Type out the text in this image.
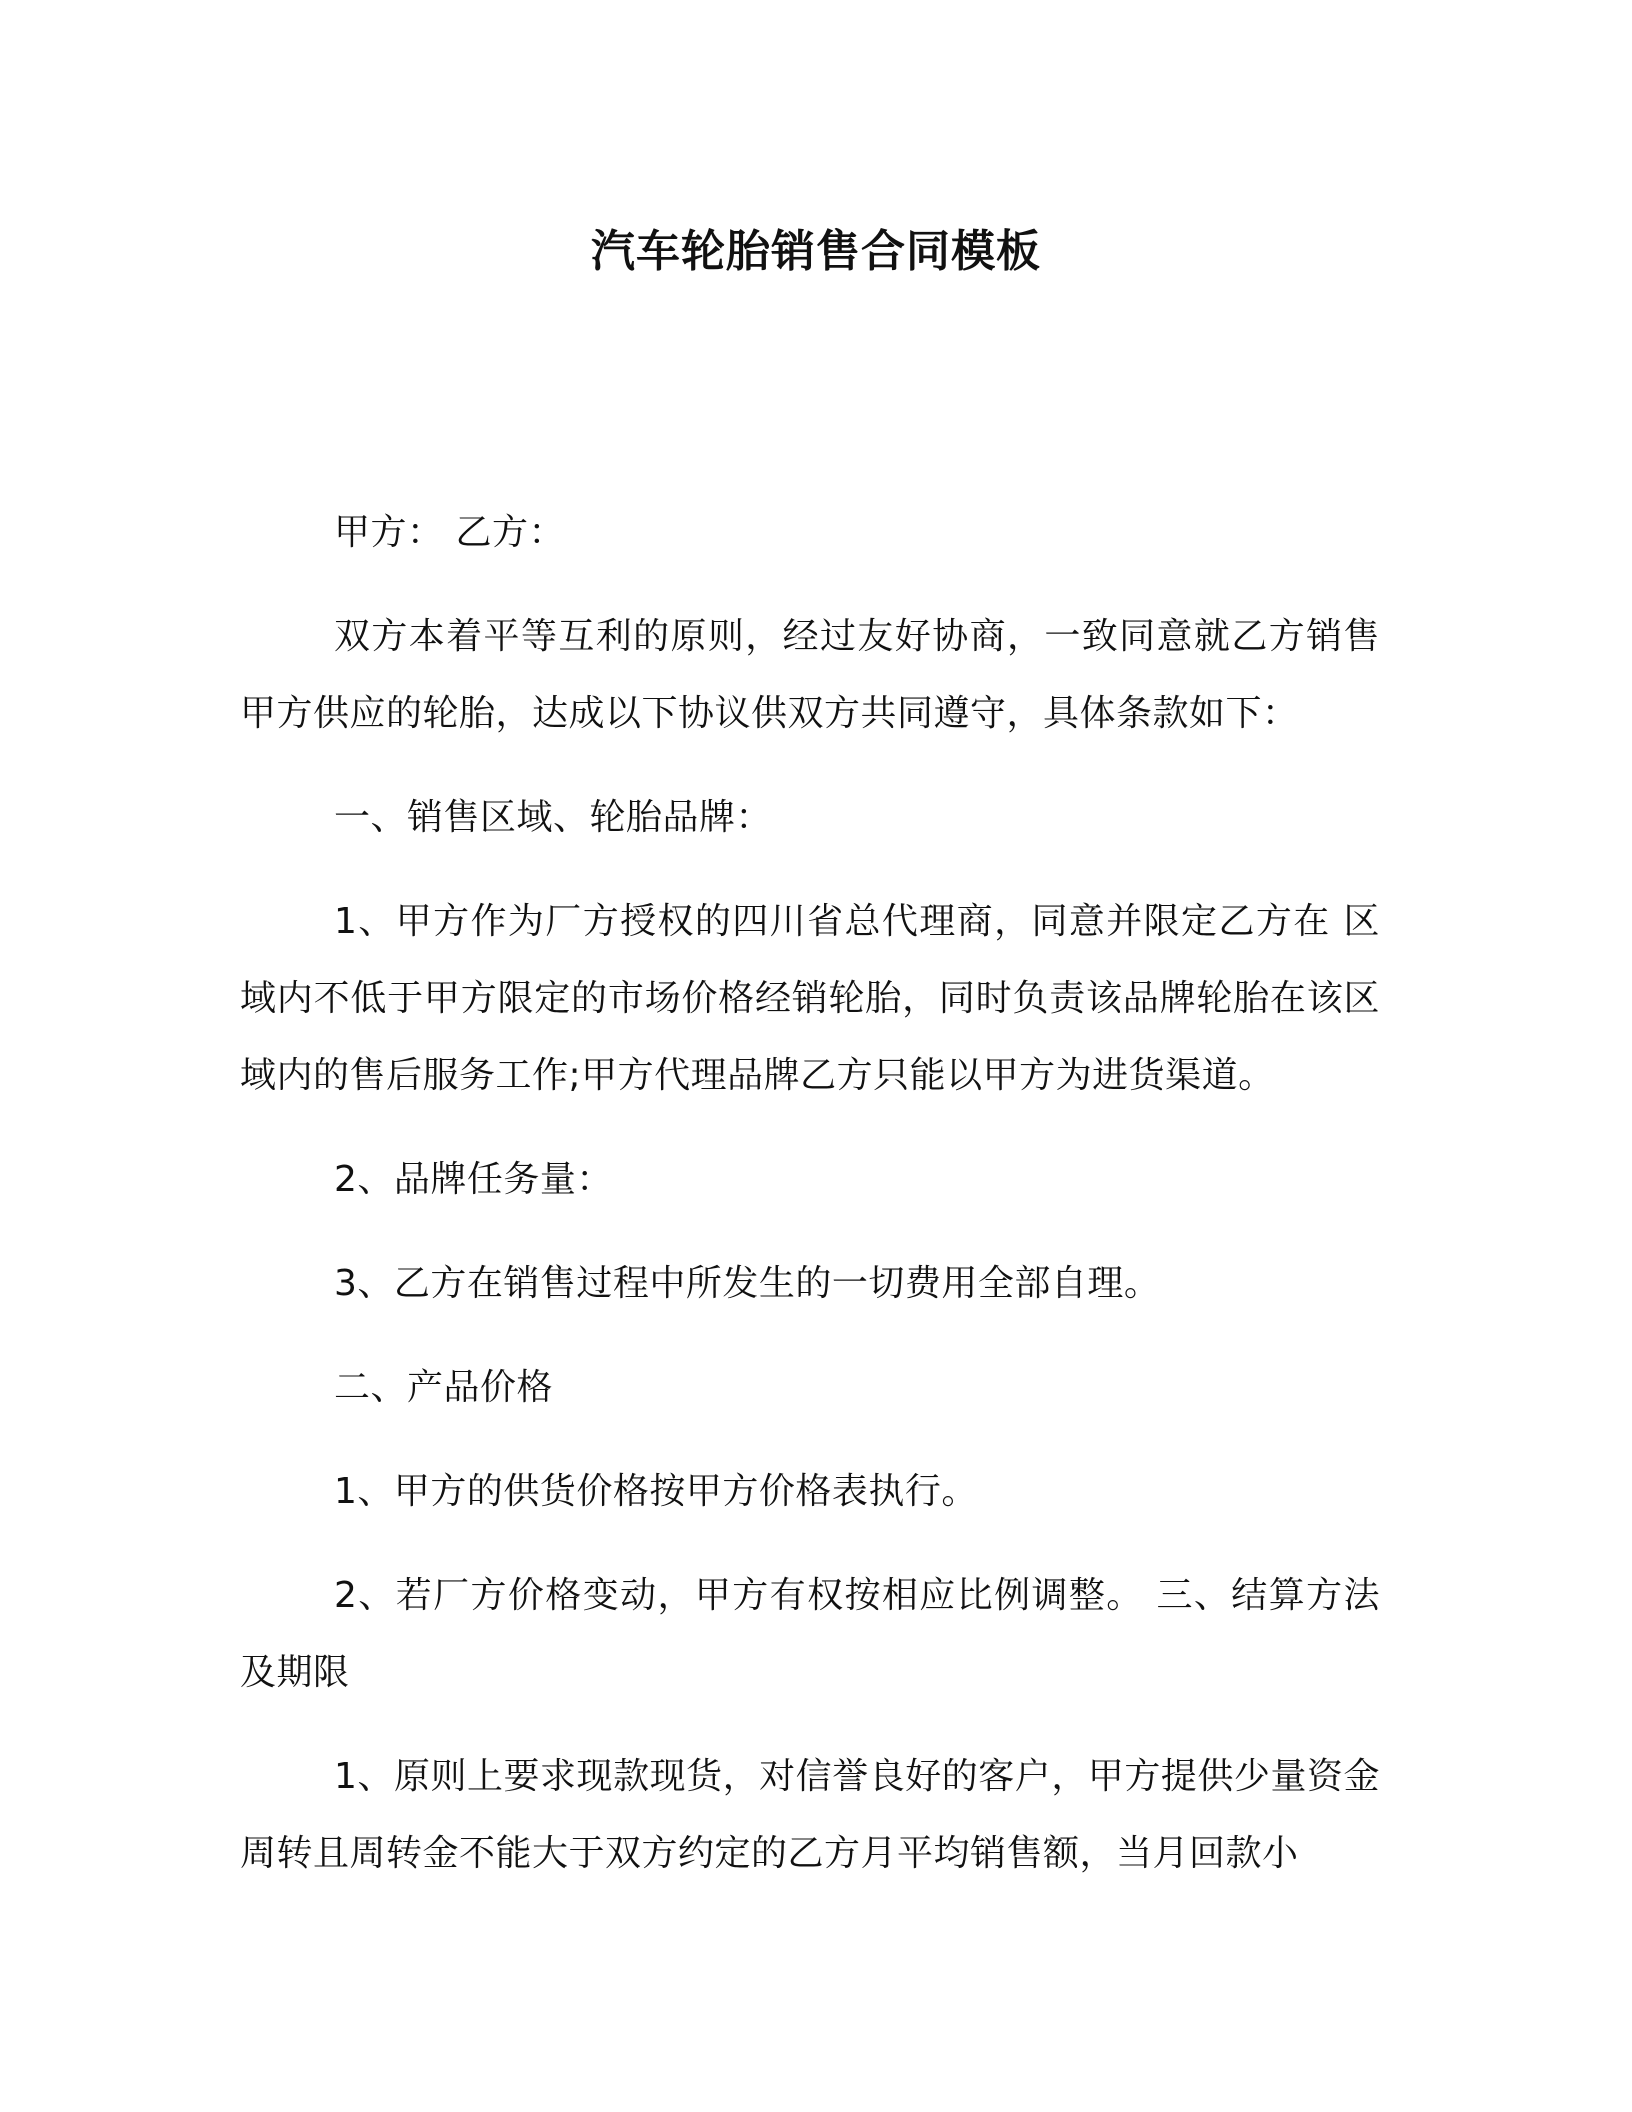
汽车轮胎销售合同模板

甲方： 乙方：

双方本着平等互利的原则，经过友好协商，一致同意就乙方销售甲方供应的轮胎，达成以下协议供双方共同遵守，具体条款如下：

一、销售区域、轮胎品牌：

1、甲方作为厂方授权的四川省总代理商，同意并限定乙方在 区域内不低于甲方限定的市场价格经销轮胎，同时负责该品牌轮胎在该区域内的售后服务工作;甲方代理品牌乙方只能以甲方为进货渠道。

2、品牌任务量：

3、乙方在销售过程中所发生的一切费用全部自理。

二、产品价格

1、甲方的供货价格按甲方价格表执行。

2、若厂方价格变动，甲方有权按相应比例调整。 三、结算方法及期限

1、原则上要求现款现货，对信誉良好的客户，甲方提供少量资金周转且周转金不能大于双方约定的乙方月平均销售额，当月回款小
